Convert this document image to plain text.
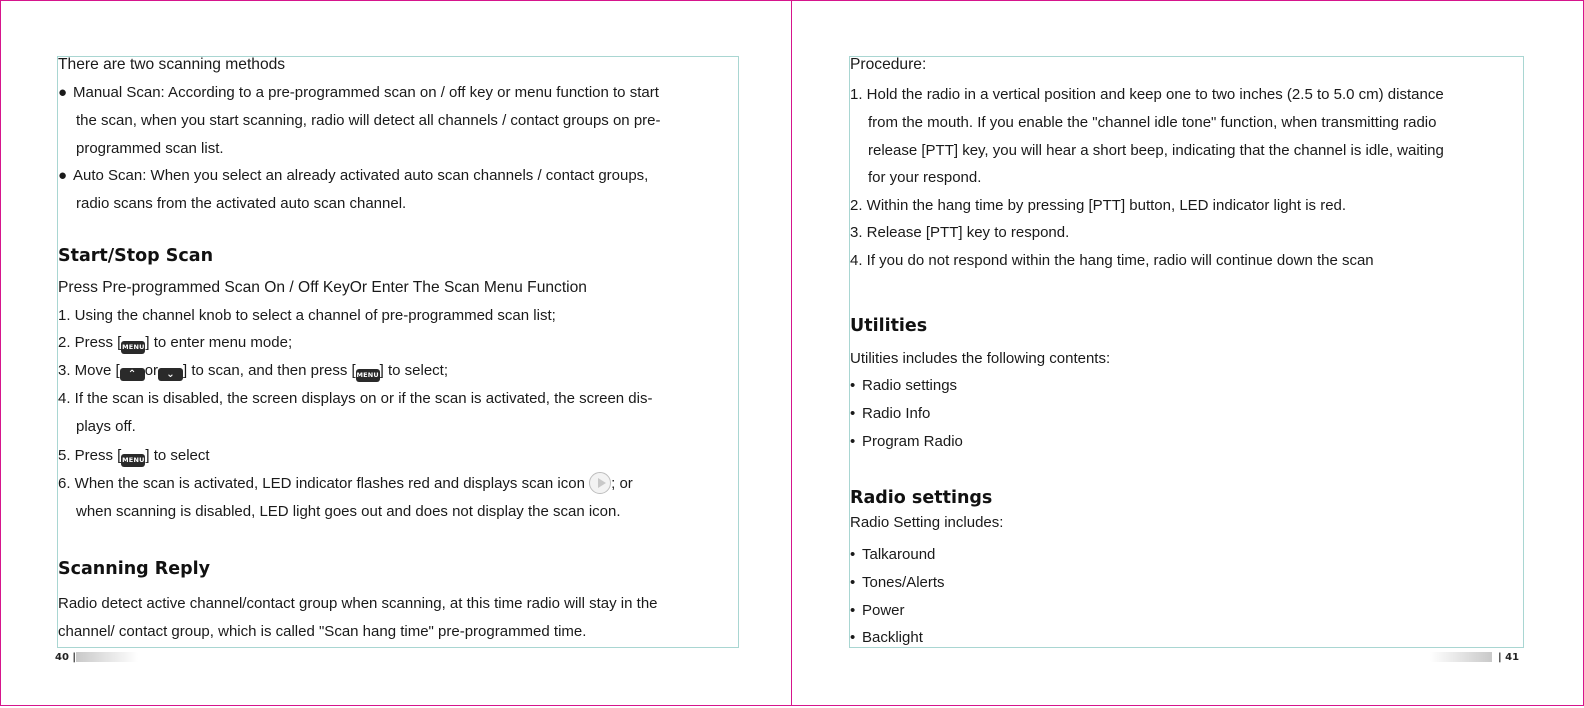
There are two scanning methods
● Manual Scan: According to a pre-programmed scan on / off key or menu function to start
the scan, when you start scanning, radio will detect all channels / contact groups on pre-
programmed scan list.
● Auto Scan: When you select an already activated auto scan channels / contact groups,
radio scans from the activated auto scan channel.
Start/Stop Scan
Press Pre-programmed Scan On / Off KeyOr Enter The Scan Menu Function
1. Using the channel knob to select a channel of pre-programmed scan list;
2. Press [MENU] to enter menu mode;
3. Move [ ⌃ or ⌄ ] to scan, and then press [MENU] to select;
4. If the scan is disabled, the screen displays on or if the scan is activated, the screen dis-
plays off.
5. Press [MENU] to select
6. When the scan is activated, LED indicator flashes red and displays scan icon ; or
when scanning is disabled, LED light goes out and does not display the scan icon.
Scanning Reply
Radio detect active channel/contact group when scanning, at this time radio will stay in the
channel/ contact group, which is called "Scan hang time" pre-programmed time.
Procedure:
1. Hold the radio in a vertical position and keep one to two inches (2.5 to 5.0 cm) distance
from the mouth. If you enable the "channel idle tone" function, when transmitting radio
release [PTT] key, you will hear a short beep, indicating that the channel is idle, waiting
for your respond.
2. Within the hang time by pressing [PTT] button, LED indicator light is red.
3. Release [PTT] key to respond.
4. If you do not respond within the hang time, radio will continue down the scan
Utilities
Utilities includes the following contents:
• Radio settings
• Radio Info
• Program Radio
Radio settings
Radio Setting includes:
• Talkaround
• Tones/Alerts
• Power
• Backlight
40 |	| 41
